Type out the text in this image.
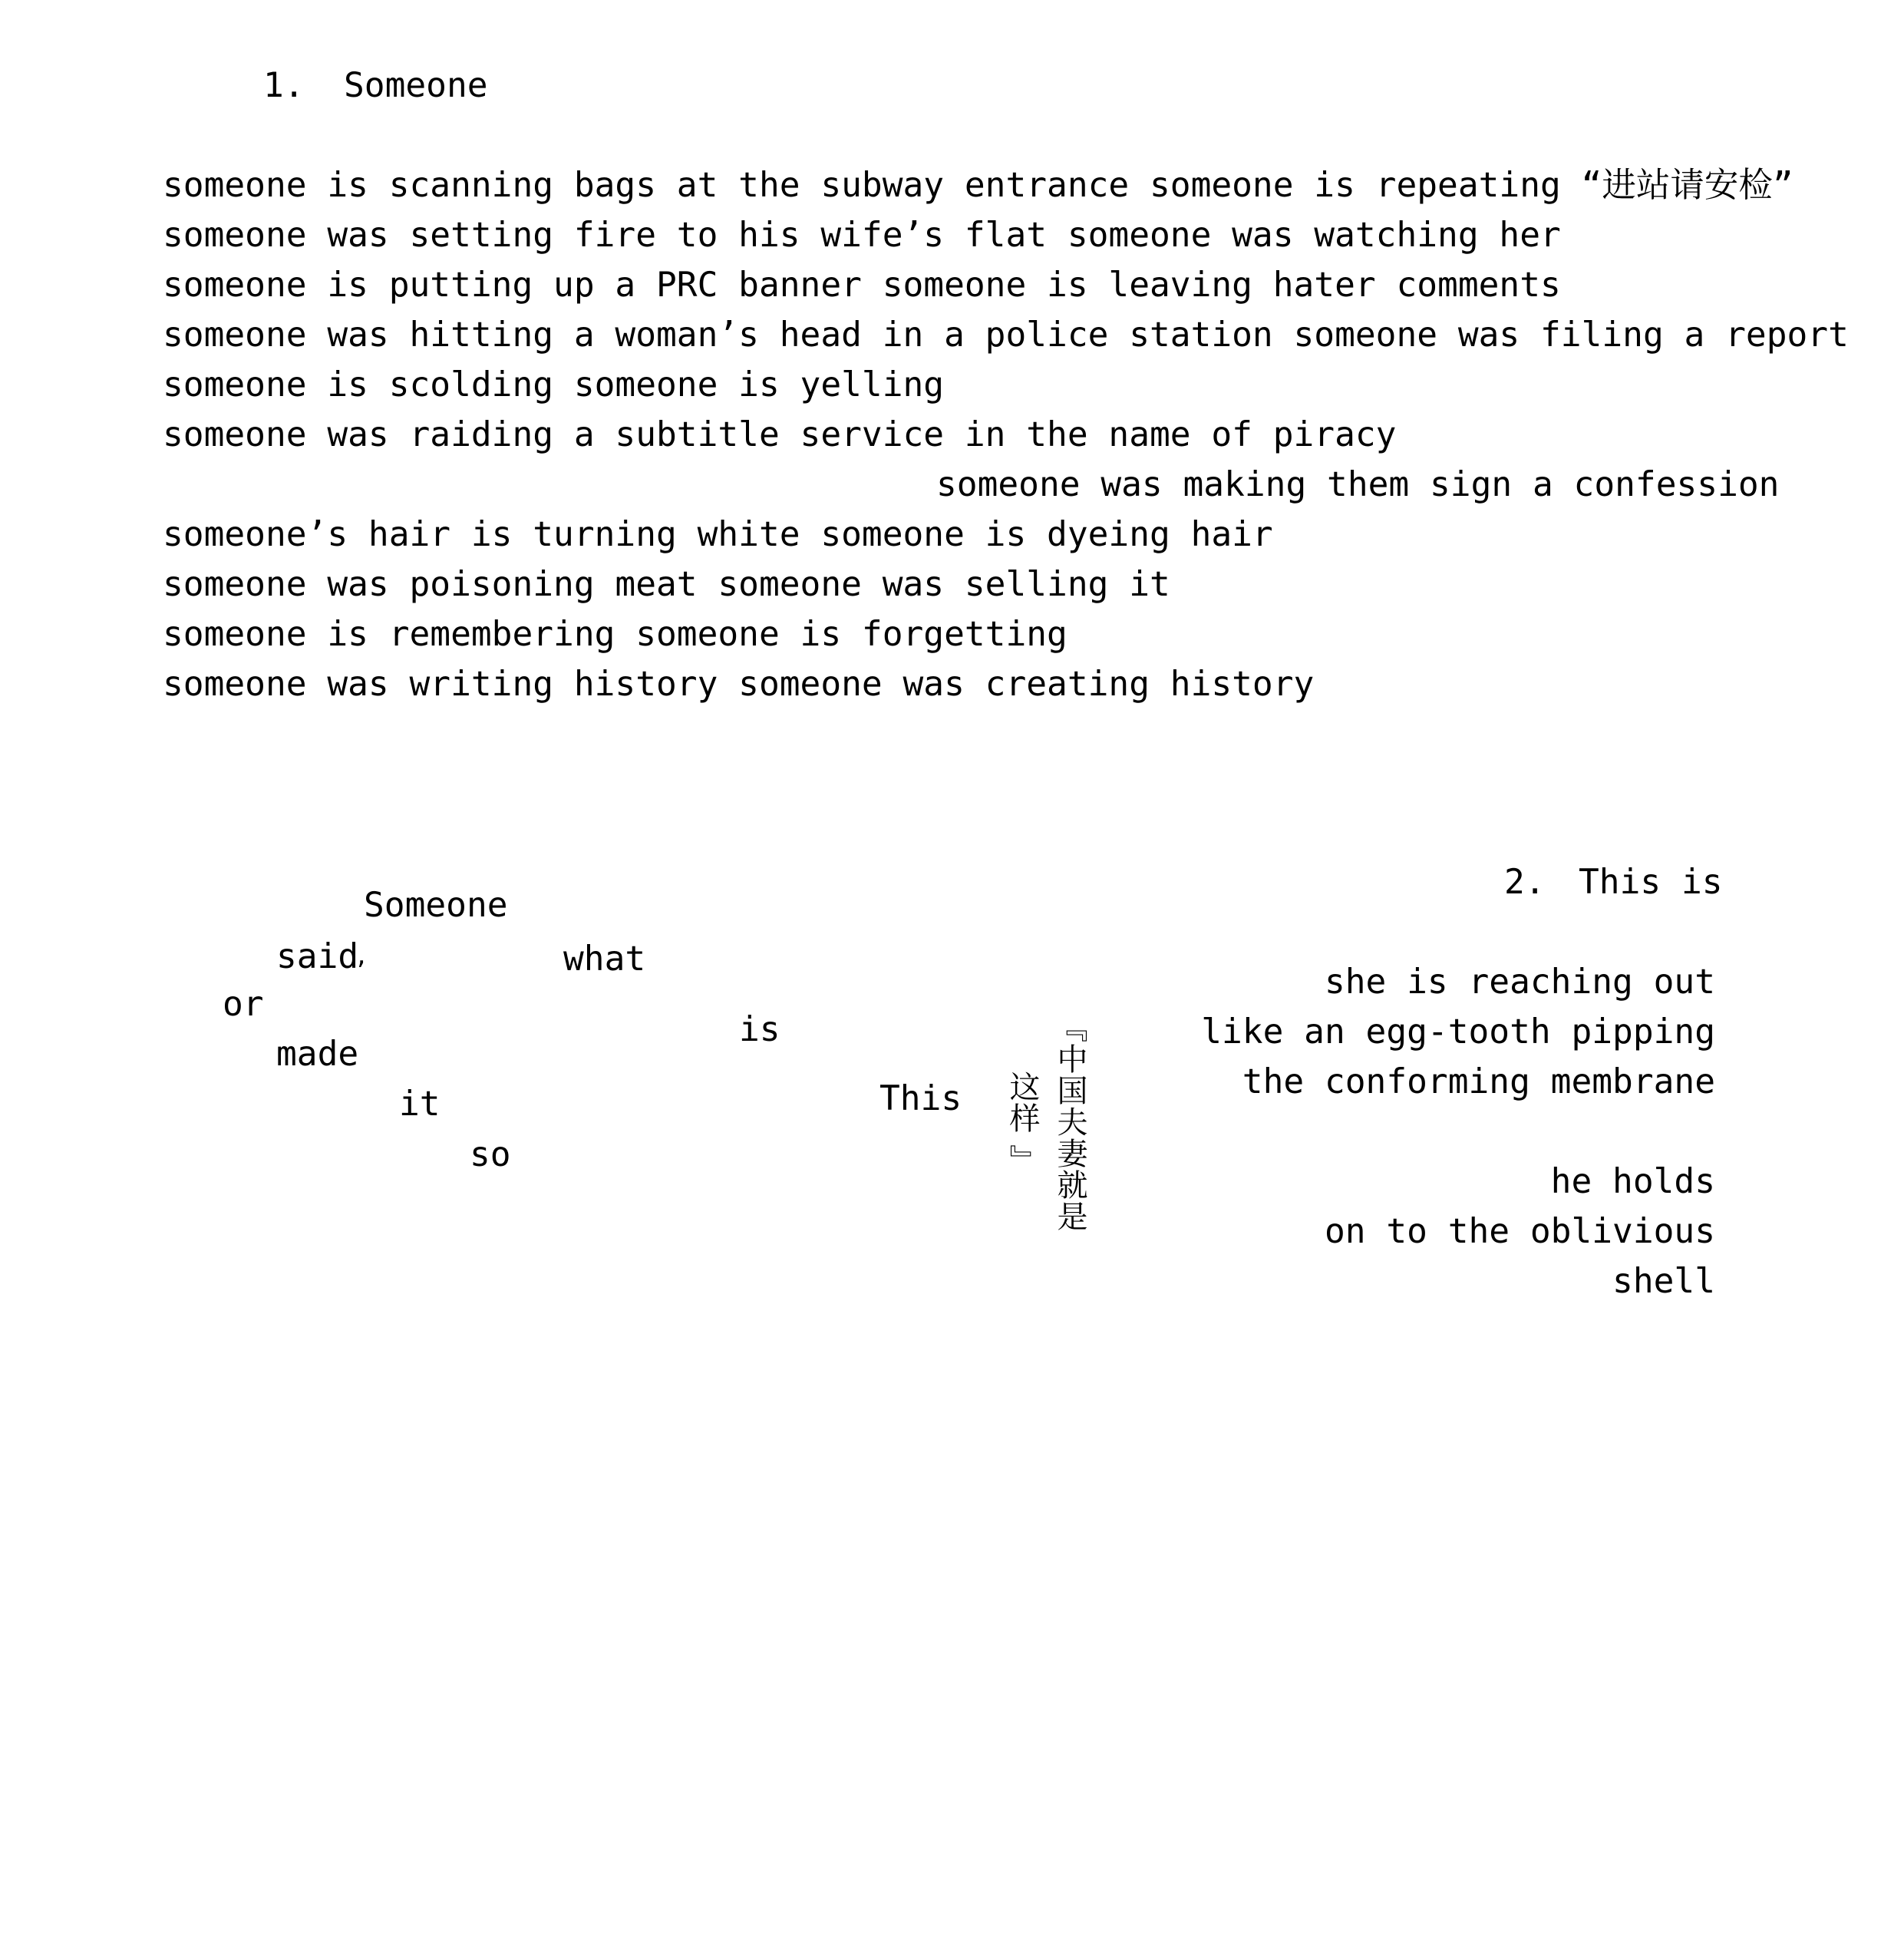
1. Someone
someone is scanning bags at the subway entrance someone is repeating “进站请安检”
someone was setting fire to his wife’s flat someone was watching her
someone is putting up a PRC banner someone is leaving hater comments
someone was hitting a woman’s head in a police station someone was filing a report
someone is scolding someone is yelling
someone was raiding a subtitle service in the name of piracy
someone was making them sign a confession
someone’s hair is turning white someone is dyeing hair
someone was poisoning meat someone was selling it
someone is remembering someone is forgetting
someone was writing history someone was creating history
Someone
said
,
or
made
it
so
what
is
This	『中国夫妻就是
这样 』
2. This is
she is reaching out
like an egg-tooth pipping
the conforming membrane
he holds
on to the oblivious
shell
